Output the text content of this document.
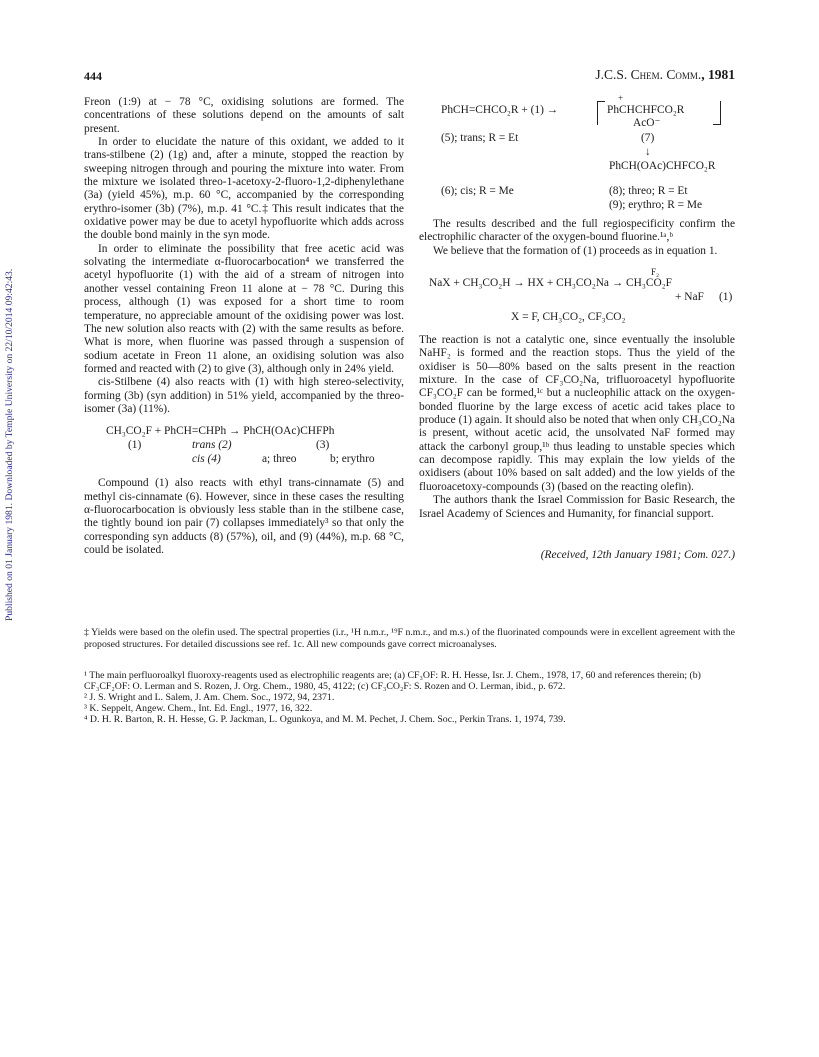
Published on 01 January 1981. Downloaded by Temple University on 22/10/2014 09:42:43.
444	J.C.S. Chem. Comm., 1981

Freon (1:9) at − 78 °C, oxidising solutions are formed. The concentrations of these solutions depend on the amounts of salt present.

In order to elucidate the nature of this oxidant, we added to it trans-stilbene (2) (1g) and, after a minute, stopped the reaction by sweeping nitrogen through and pouring the mixture into water. From the mixture we isolated threo-1-acetoxy-2-fluoro-1,2-diphenylethane (3a) (yield 45%), m.p. 60 °C, accompanied by the corresponding erythro-isomer (3b) (7%), m.p. 41 °C.‡ This result indicates that the oxidative power may be due to acetyl hypofluorite which adds across the double bond mainly in the syn mode.

In order to eliminate the possibility that free acetic acid was solvating the intermediate α-fluorocarbocation⁴ we transferred the acetyl hypofluorite (1) with the aid of a stream of nitrogen into another vessel containing Freon 11 alone at − 78 °C. During this process, although (1) was exposed for a short time to room temperature, no appreciable amount of the oxidising power was lost. The new solution also reacts with (2) with the same results as before. What is more, when fluorine was passed through a suspension of sodium acetate in Freon 11 alone, an oxidising solution was also formed and reacted with (2) to give (3), although only in 24% yield.

cis-Stilbene (4) also reacts with (1) with high stereo-selectivity, forming (3b) (syn addition) in 51% yield, accompanied by the threo-isomer (3a) (11%).

CH₃CO₂F + PhCH=CHPh → PhCH(OAc)CHFPh
(1)	trans (2)	(3)
cis (4)	a; threo	b; erythro

Compound (1) also reacts with ethyl trans-cinnamate (5) and methyl cis-cinnamate (6). However, since in these cases the resulting α-fluorocarbocation is obviously less stable than in the stilbene case, the tightly bound ion pair (7) collapses immediately³ so that only the corresponding syn adducts (8) (57%), oil, and (9) (44%), m.p. 68 °C, could be isolated.

+
PhCH=CHCO₂R + (1) →	PhCHCHFCO₂R
AcO⁻
(5); trans; R = Et	(7)
↓
PhCH(OAc)CHFCO₂R
(6); cis; R = Me	(8); threo; R = Et
(9); erythro; R = Me

The results described and the full regiospecificity confirm the electrophilic character of the oxygen-bound fluorine.¹ᵃ,ᵇ

We believe that the formation of (1) proceeds as in equation 1.

F₂
NaX + CH₃CO₂H → HX + CH₃CO₂Na → CH₃CO₂F
+ NaF (1)
X = F, CH₃CO₂, CF₃CO₂

The reaction is not a catalytic one, since eventually the insoluble NaHF₂ is formed and the reaction stops. Thus the yield of the oxidiser is 50—80% based on the salts present in the reaction mixture. In the case of CF₃CO₂Na, trifluoroacetyl hypofluorite CF₃CO₂F can be formed,¹ᶜ but a nucleophilic attack on the oxygen-bonded fluorine by the large excess of acetic acid takes place to produce (1) again. It should also be noted that when only CH₃CO₂Na is present, without acetic acid, the unsolvated NaF formed may attack the carbonyl group,¹ᵇ thus leading to unstable species which can decompose rapidly. This may explain the low yields of the oxidisers (about 10% based on salt added) and the low yields of the fluoroacetoxy-compounds (3) (based on the reacting olefin).

The authors thank the Israel Commission for Basic Research, the Israel Academy of Sciences and Humanity, for financial support.

(Received, 12th January 1981; Com. 027.)
‡ Yields were based on the olefin used. The spectral properties (i.r., ¹H n.m.r., ¹⁹F n.m.r., and m.s.) of the fluorinated compounds were in excellent agreement with the proposed structures. For detailed discussions see ref. 1c. All new compounds gave correct microanalyses.
¹ The main perfluoroalkyl fluoroxy-reagents used as electrophilic reagents are; (a) CF₃OF: R. H. Hesse, Isr. J. Chem., 1978, 17, 60 and references therein; (b) CF₃CF₂OF: O. Lerman and S. Rozen, J. Org. Chem., 1980, 45, 4122; (c) CF₃CO₂F: S. Rozen and O. Lerman, ibid., p. 672.
² J. S. Wright and L. Salem, J. Am. Chem. Soc., 1972, 94, 2371.
³ K. Seppelt, Angew. Chem., Int. Ed. Engl., 1977, 16, 322.
⁴ D. H. R. Barton, R. H. Hesse, G. P. Jackman, L. Ogunkoya, and M. M. Pechet, J. Chem. Soc., Perkin Trans. 1, 1974, 739.
